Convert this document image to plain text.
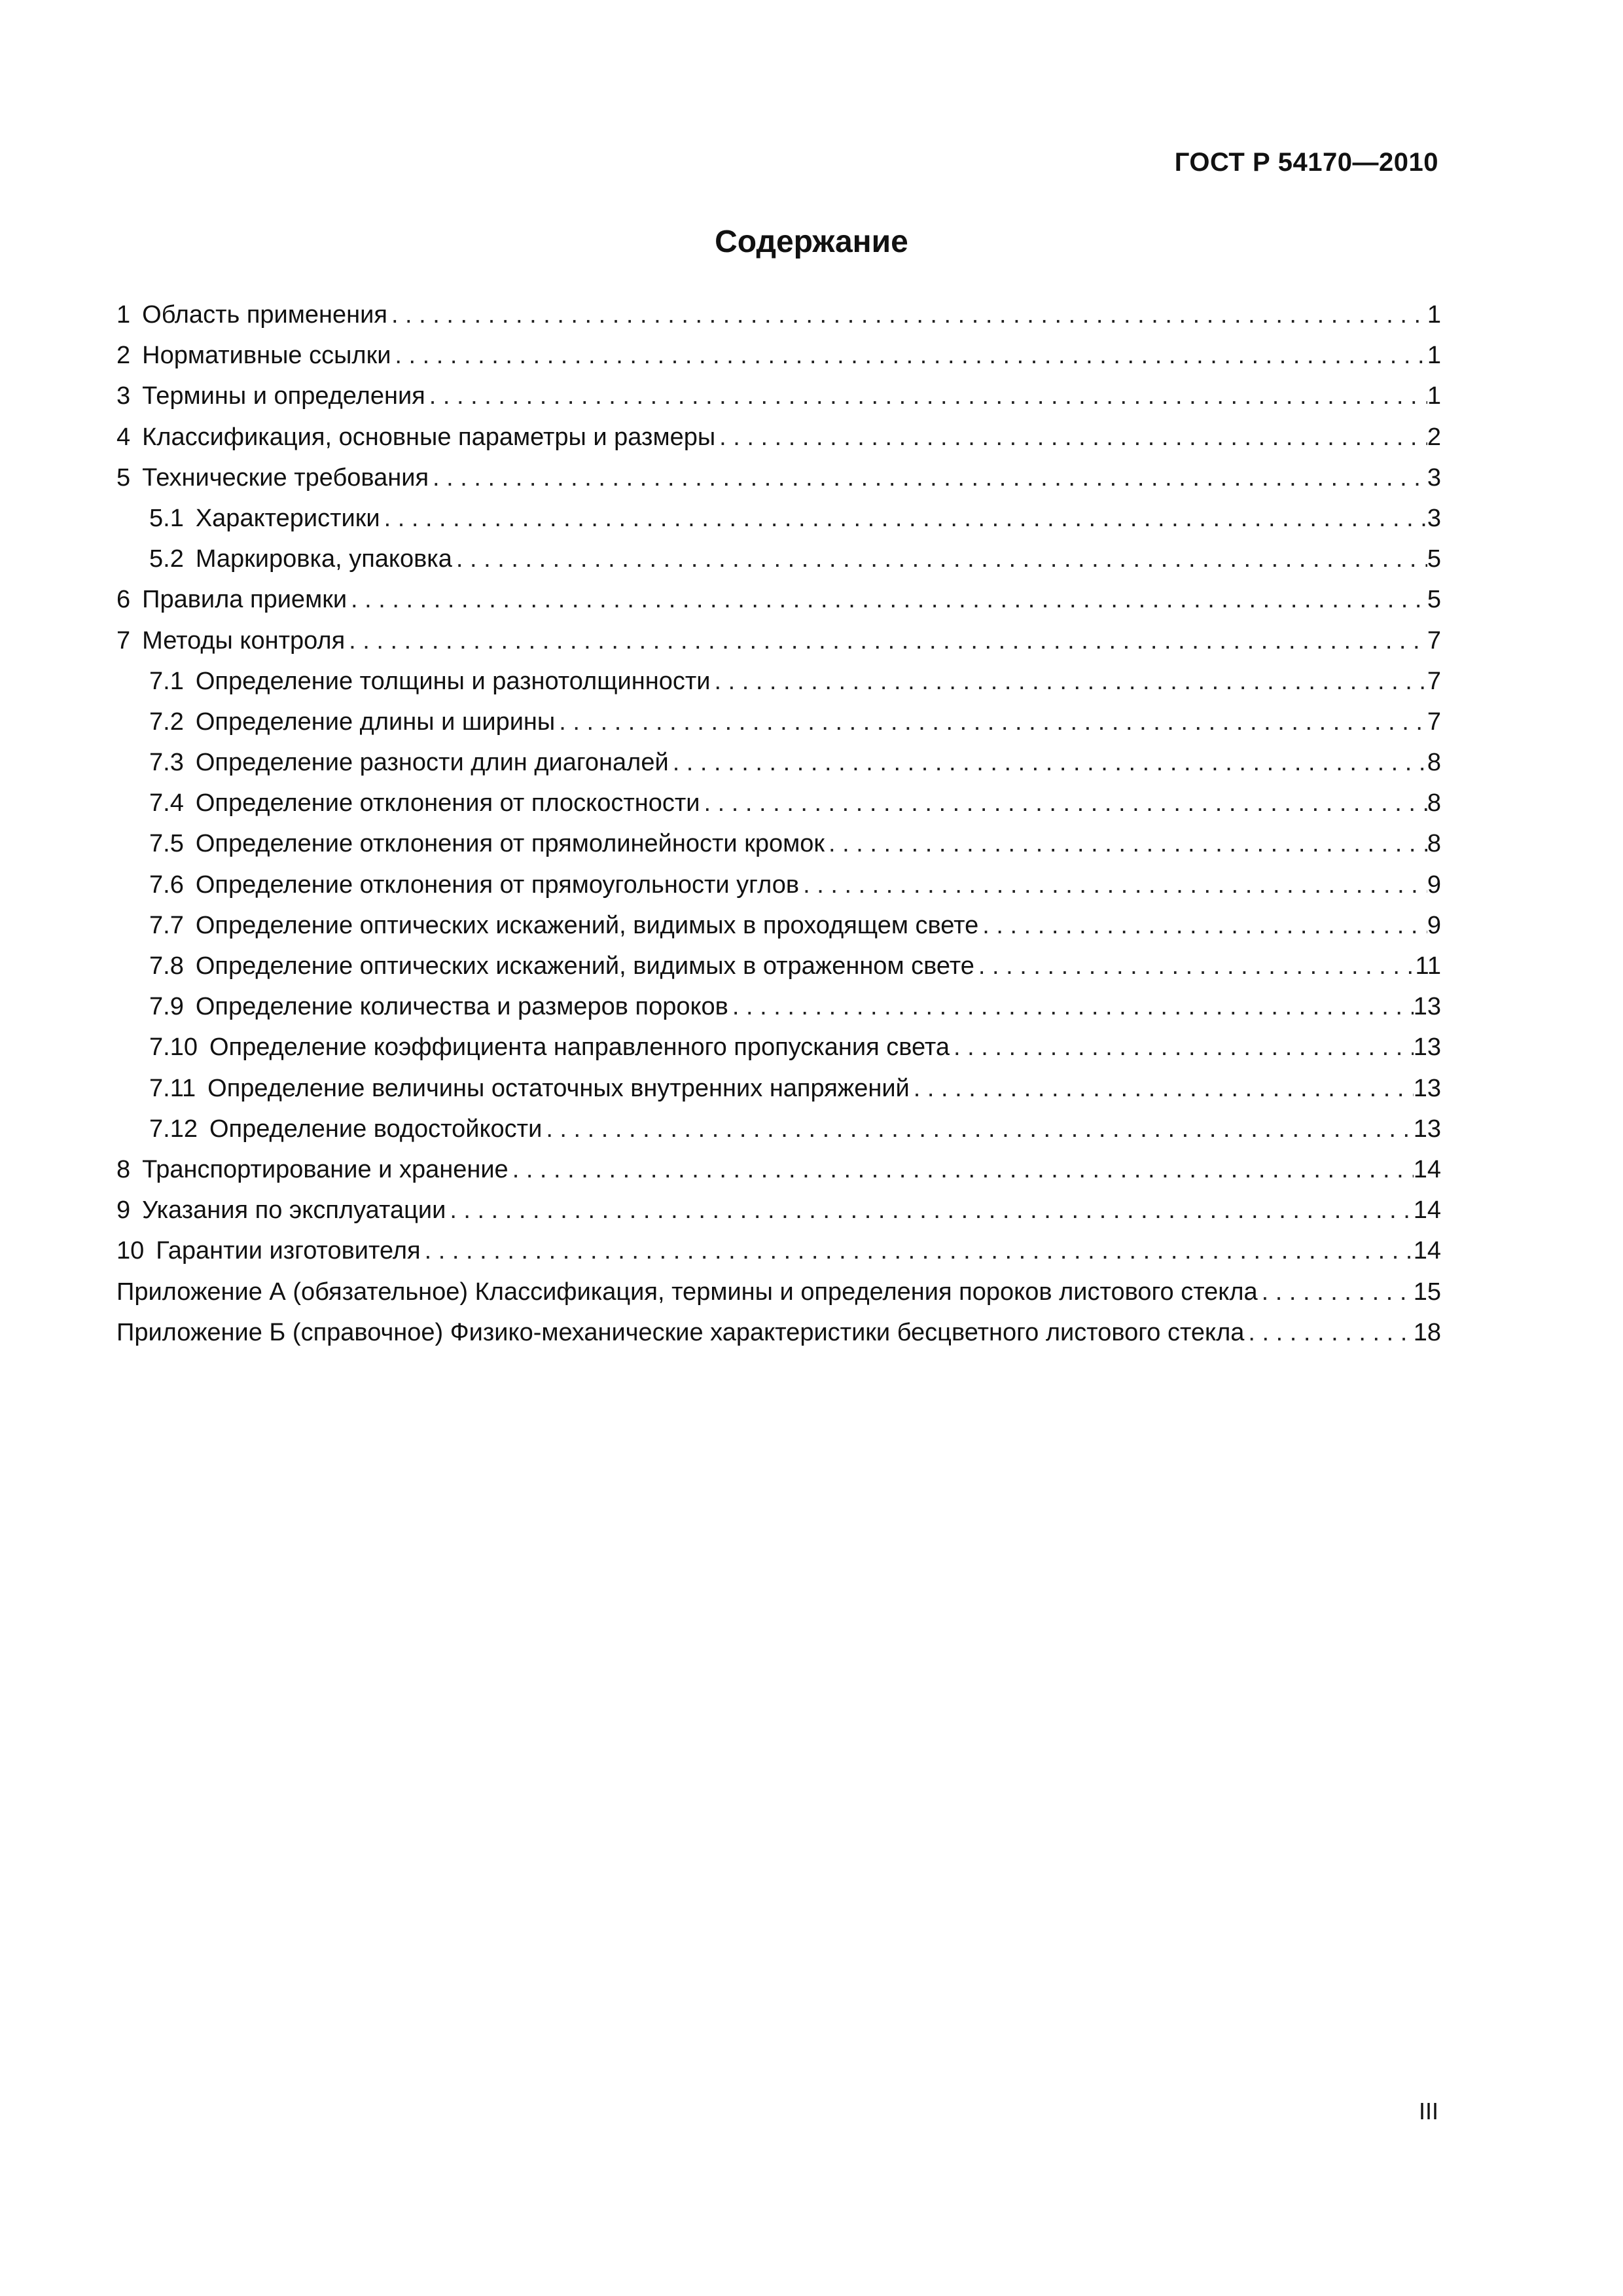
ГОСТ Р 54170—2010
Содержание
1 Область применения . . .	1
2 Нормативные ссылки . . .	1
3 Термины и определения . . .	1
4 Классификация, основные параметры и размеры . . .	2
5 Технические требования . . .	3
5.1 Характеристики . . .	3
5.2 Маркировка, упаковка . . .	5
6 Правила приемки . . .	5
7 Методы контроля . . .	7
7.1 Определение толщины и разнотолщинности . . .	7
7.2 Определение длины и ширины . . .	7
7.3 Определение разности длин диагоналей . . .	8
7.4 Определение отклонения от плоскостности . . .	8
7.5 Определение отклонения от прямолинейности кромок . . .	8
7.6 Определение отклонения от прямоугольности углов . . .	9
7.7 Определение оптических искажений, видимых в проходящем свете . . .	9
7.8 Определение оптических искажений, видимых в отраженном свете . . .	11
7.9 Определение количества и размеров пороков . . .	13
7.10 Определение коэффициента направленного пропускания света . . .	13
7.11 Определение величины остаточных внутренних напряжений . . .	13
7.12 Определение водостойкости . . .	13
8 Транспортирование и хранение . . .	14
9 Указания по эксплуатации . . .	14
10 Гарантии изготовителя . . .	14
Приложение А (обязательное) Классификация, термины и определения пороков листового стекла . . .	15
Приложение Б (справочное) Физико-механические характеристики бесцветного листового стекла . . .	18
III
